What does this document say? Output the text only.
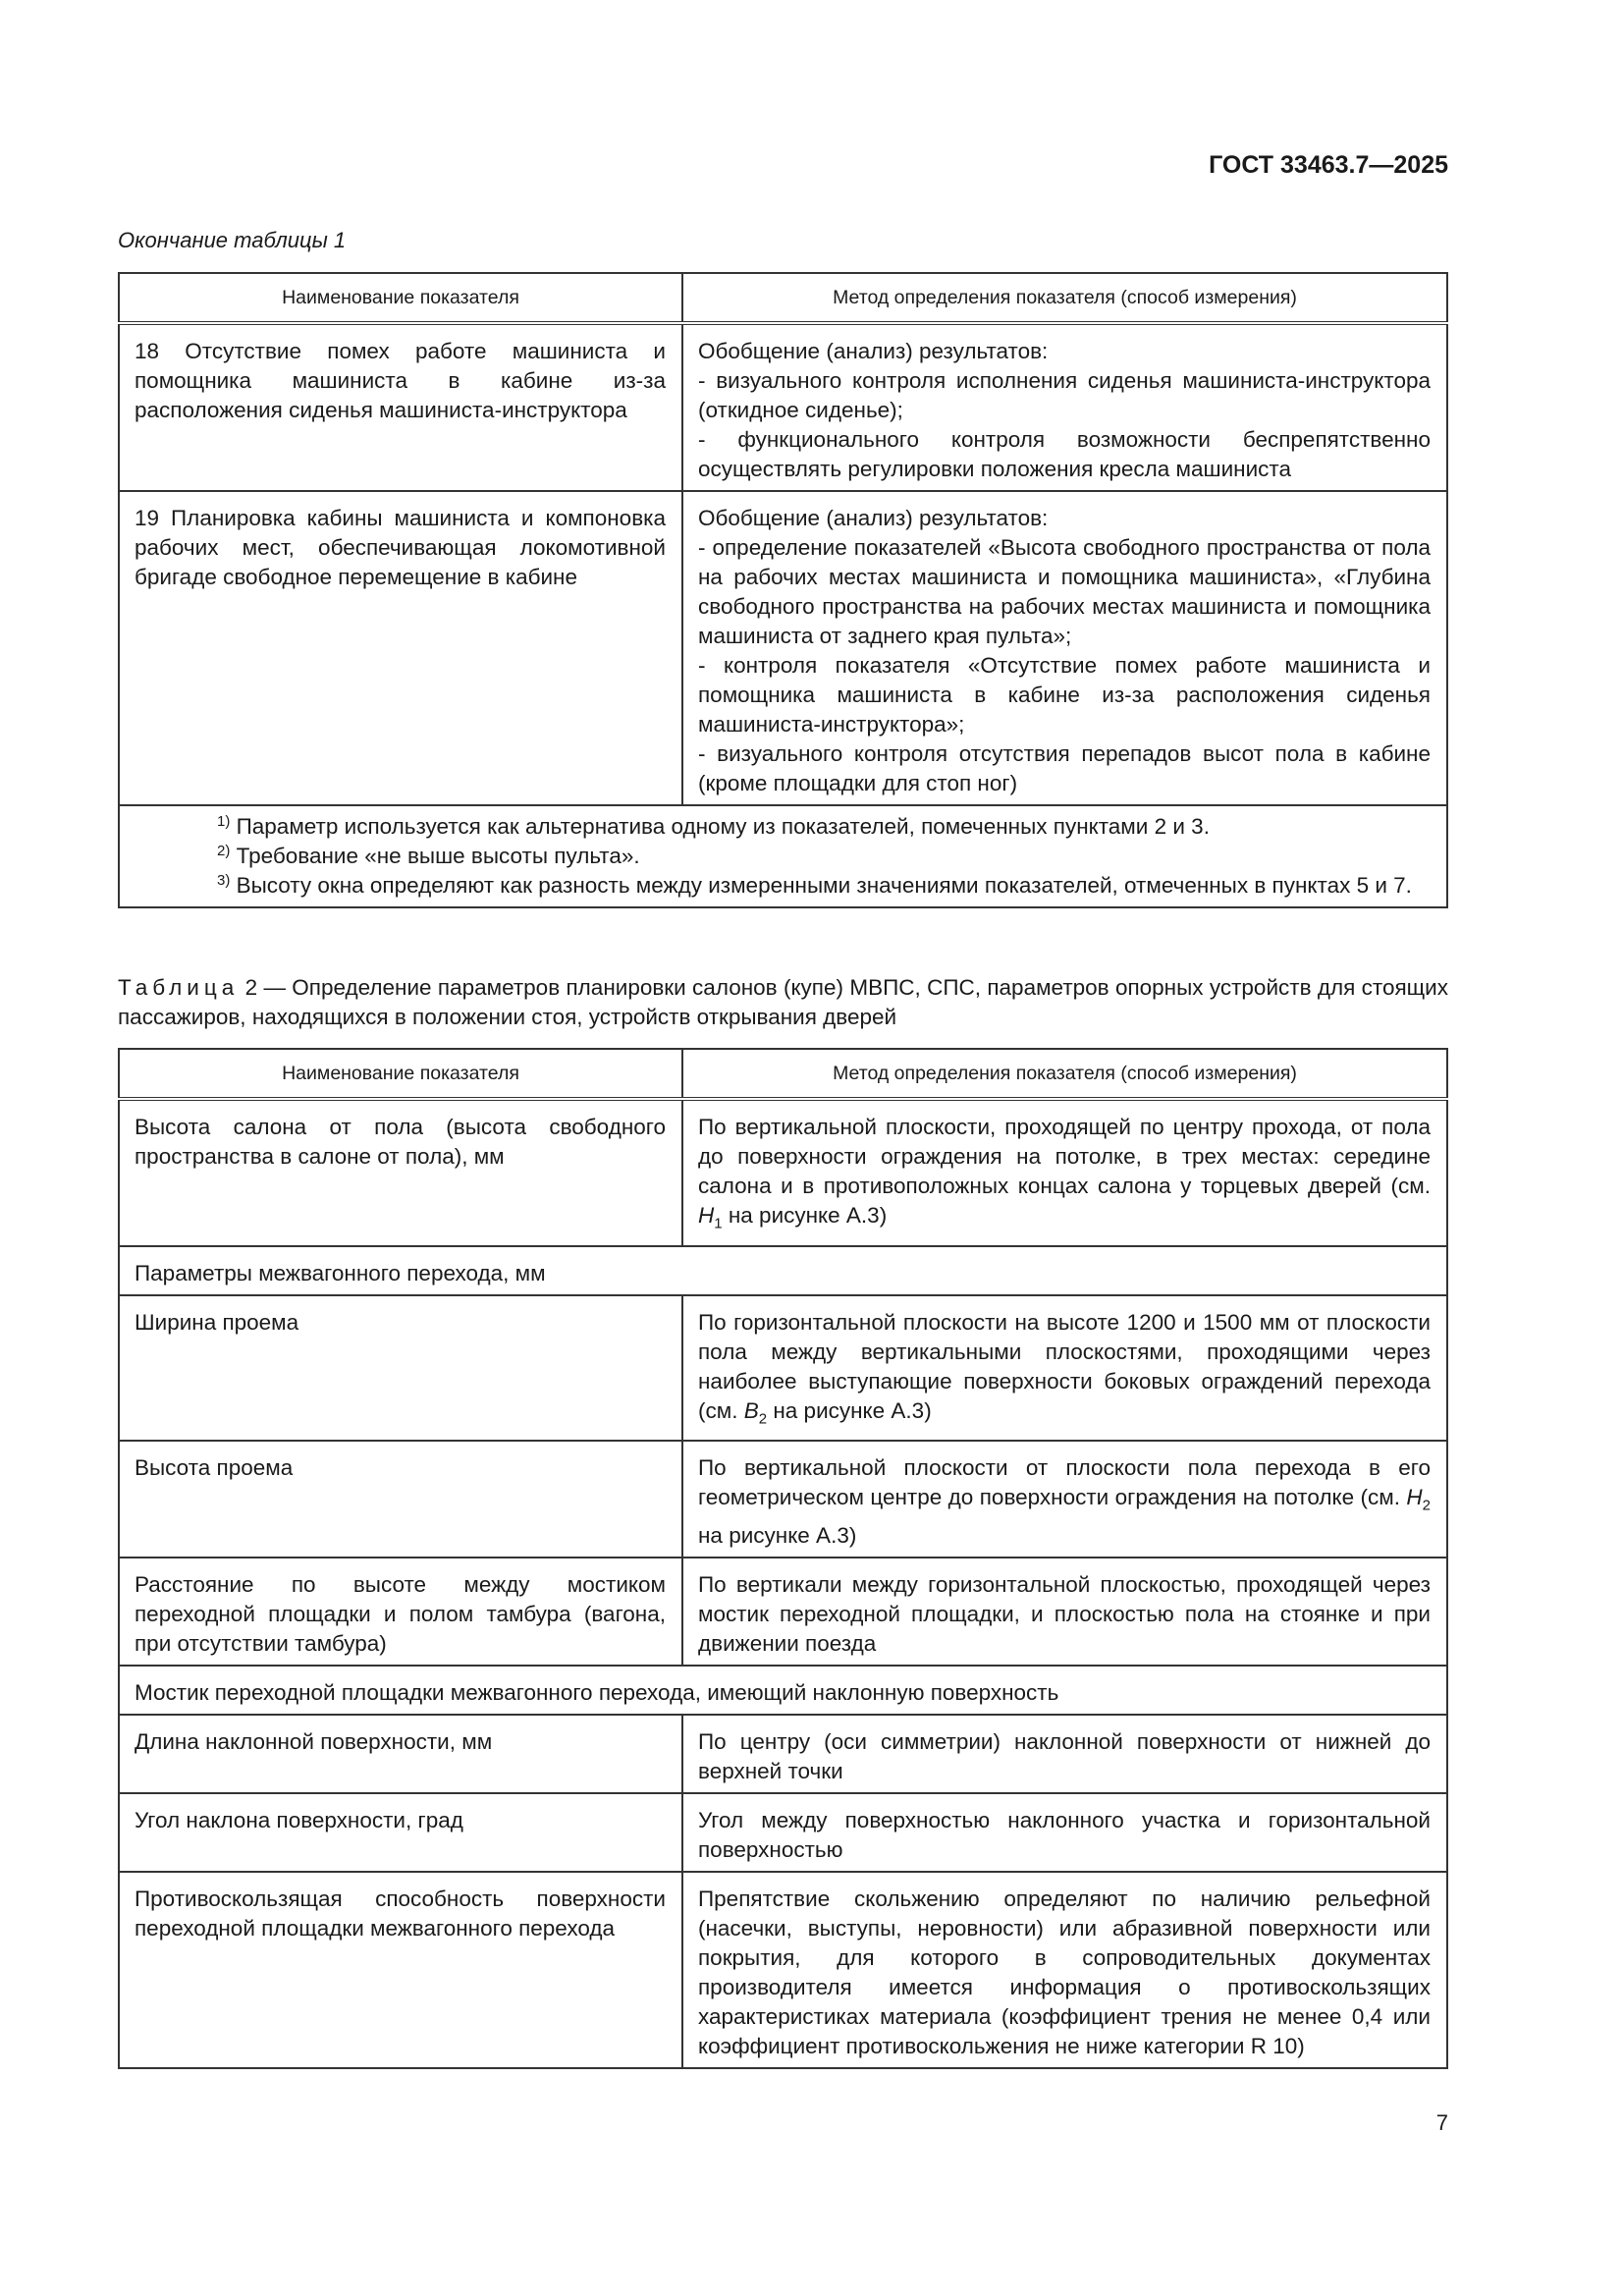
ГОСТ 33463.7—2025
Окончание таблицы 1
Наименование показателя	Метод определения показателя (способ измерения)
18 Отсутствие помех работе машиниста и помощника машиниста в кабине из-за расположения сиденья машиниста-инструктора	Обобщение (анализ) результатов:
- визуального контроля исполнения сиденья машиниста-инструктора (откидное сиденье);
- функционального контроля возможности беспрепятственно осуществлять регулировки положения кресла машиниста

19 Планировка кабины машиниста и компоновка рабочих мест, обеспечивающая локомотивной бригаде свободное перемещение в кабине	Обобщение (анализ) результатов:
- определение показателей «Высота свободного пространства от пола на рабочих местах машиниста и помощника машиниста», «Глубина свободного пространства на рабочих местах машиниста и помощника машиниста от заднего края пульта»;
- контроля показателя «Отсутствие помех работе машиниста и помощника машиниста в кабине из-за расположения сиденья машиниста-инструктора»;
- визуального контроля отсутствия перепадов высот пола в кабине (кроме площадки для стоп ног)

$^{1)}$ Параметр используется как альтернатива одному из показателей, помеченных пунктами 2 и 3.
$^{2)}$ Требование «не выше высоты пульта».
$^{3)}$ Высоту окна определяют как разность между измеренными значениями показателей, отмеченных в пунктах 5 и 7.	
Таблица 2 — Определение параметров планировки салонов (купе) МВПС, СПС, параметров опорных устройств для стоящих пассажиров, находящихся в положении стоя, устройств открывания дверей
Наименование показателя	Метод определения показателя (способ измерения)
Высота салона от пола (высота свободного пространства в салоне от пола), мм	По вертикальной плоскости, проходящей по центру прохода, от пола до поверхности ограждения на потолке, в трех местах: середине салона и в противоположных концах салона у торцевых дверей (см. $H_1$ на рисунке А.3)
Параметры межвагонного перехода, мм	
Ширина проема	По горизонтальной плоскости на высоте 1200 и 1500 мм от плоскости пола между вертикальными плоскостями, проходящими через наиболее выступающие поверхности боковых ограждений перехода (см. $B_2$ на рисунке А.3)
Высота проема	По вертикальной плоскости от плоскости пола перехода в его геометрическом центре до поверхности ограждения на потолке (см. $H_2$ на рисунке А.3)
Расстояние по высоте между мостиком переходной площадки и полом тамбура (вагона, при отсутствии тамбура)	По вертикали между горизонтальной плоскостью, проходящей через мостик переходной площадки, и плоскостью пола на стоянке и при движении поезда
Мостик переходной площадки межвагонного перехода, имеющий наклонную поверхность	
Длина наклонной поверхности, мм	По центру (оси симметрии) наклонной поверхности от нижней до верхней точки
Угол наклона поверхности, град	Угол между поверхностью наклонного участка и горизонтальной поверхностью
Противоскользящая способность поверхности переходной площадки межвагонного перехода	Препятствие скольжению определяют по наличию рельефной (насечки, выступы, неровности) или абразивной поверхности или покрытия, для которого в сопроводительных документах производителя имеется информация о противоскользящих характеристиках материала (коэффициент трения не менее 0,4 или коэффициент противоскольжения не ниже категории R 10)
7
